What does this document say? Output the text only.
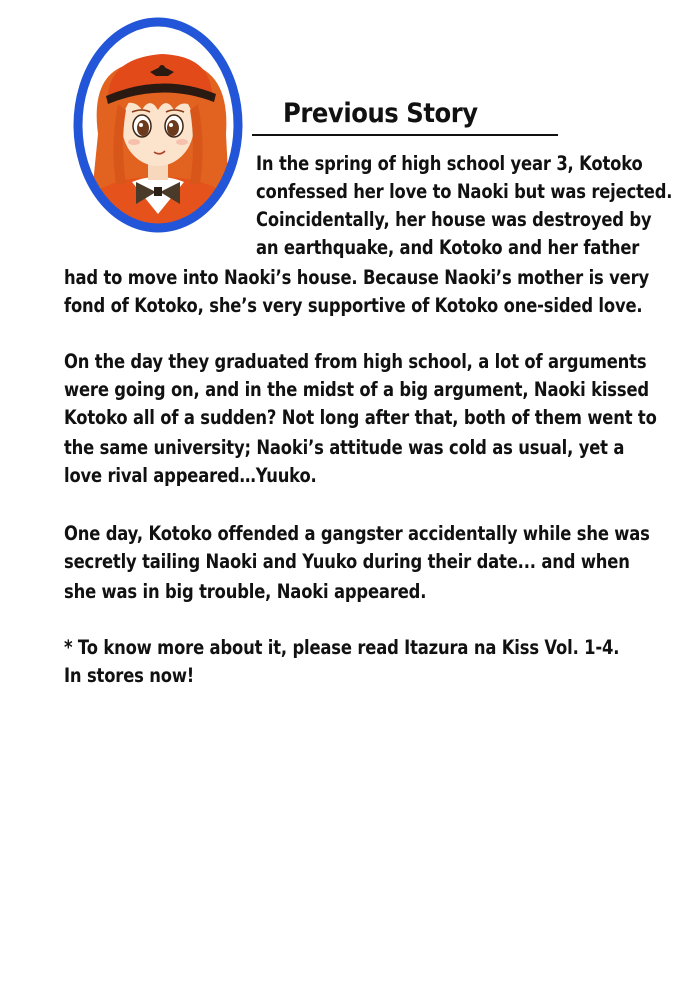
Previous Story
In the spring of high school year 3, Kotoko
confessed her love to Naoki but was rejected.
Coincidentally, her house was destroyed by
an earthquake, and Kotoko and her father
had to move into Naoki’s house. Because Naoki’s mother is very
fond of Kotoko, she’s very supportive of Kotoko one-sided love.
On the day they graduated from high school, a lot of arguments
were going on, and in the midst of a big argument, Naoki kissed
Kotoko all of a sudden? Not long after that, both of them went to
the same university; Naoki’s attitude was cold as usual, yet a
love rival appeared…Yuuko.
One day, Kotoko offended a gangster accidentally while she was
secretly tailing Naoki and Yuuko during their date... and when
she was in big trouble, Naoki appeared.
* To know more about it, please read Itazura na Kiss Vol. 1-4.
In stores now!
